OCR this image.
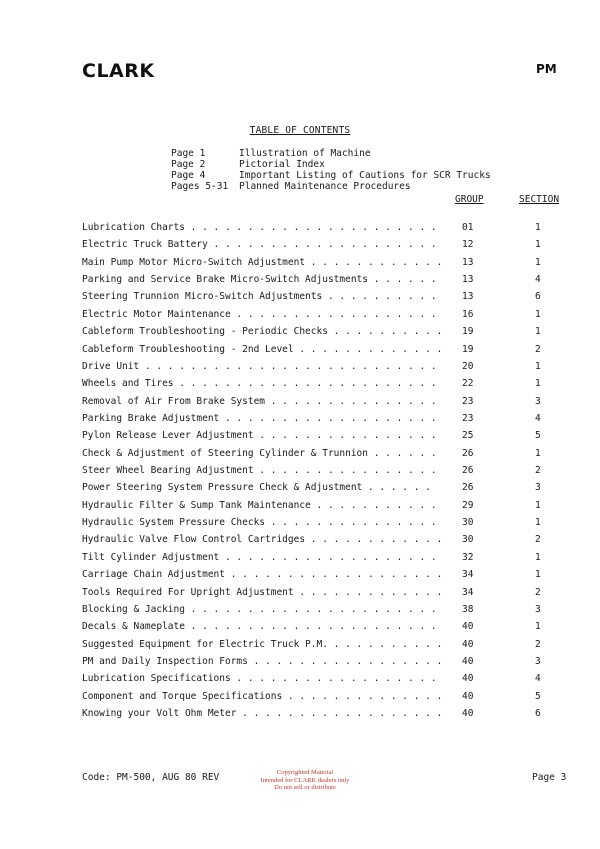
CLARK	PM
TABLE OF CONTENTS
Page 1	Illustration of Machine
Page 2	Pictorial Index
Page 4	Important Listing of Cautions for SCR Trucks
Pages 5-31 Planned Maintenance Procedures
GROUP	SECTION
Lubrication Charts . . . . . . . . . . . . . . . . . . . . . .	01	1
Electric Truck Battery . . . . . . . . . . . . . . . . . . . .	12	1
Main Pump Motor Micro-Switch Adjustment . . . . . . . . . . . . 13	1
Parking and Service Brake Micro-Switch Adjustments . . . . . .	13	4
Steering Trunnion Micro-Switch Adjustments . . . . . . . . . .	13	6
Electric Motor Maintenance . . . . . . . . . . . . . . . . . .	16	1
Cableform Troubleshooting - Periodic Checks . . . . . . . . . . 19	1
Cableform Troubleshooting - 2nd Level . . . . . . . . . . . . . 19	2
Drive Unit . . . . . . . . . . . . . . . . . . . . . . . . . .	20	1
Wheels and Tires . . . . . . . . . . . . . . . . . . . . . . .	22	1
Removal of Air From Brake System . . . . . . . . . . . . . . .	23	3
Parking Brake Adjustment . . . . . . . . . . . . . . . . . . .	23	4
Pylon Release Lever Adjustment . . . . . . . . . . . . . . . .	25	5
Check & Adjustment of Steering Cylinder & Trunnion . . . . . .	26	1
Steer Wheel Bearing Adjustment . . . . . . . . . . . . . . . .	26	2
Power Steering System Pressure Check & Adjustment . . . . . .	26	3
Hydraulic Filter & Sump Tank Maintenance . . . . . . . . . . .	29	1
Hydraulic System Pressure Checks . . . . . . . . . . . . . . .	30	1
Hydraulic Valve Flow Control Cartridges . . . . . . . . . . . . 30	2
Tilt Cylinder Adjustment . . . . . . . . . . . . . . . . . . .	32	1
Carriage Chain Adjustment . . . . . . . . . . . . . . . . . . . 34	1
Tools Required For Upright Adjustment . . . . . . . . . . . . . 34	2
Blocking & Jacking . . . . . . . . . . . . . . . . . . . . . .	38	3
Decals & Nameplate . . . . . . . . . . . . . . . . . . . . . .	40	1
Suggested Equipment for Electric Truck P.M. . . . . . . . . . . 40	2
PM and Daily Inspection Forms . . . . . . . . . . . . . . . . . 40	3
Lubrication Specifications . . . . . . . . . . . . . . . . . .	40	4
Component and Torque Specifications . . . . . . . . . . . . . . 40	5
Knowing your Volt Ohm Meter . . . . . . . . . . . . . . . . . . 40	6
Code: PM-500, AUG 80 REV	Copyrighted Material
Intended for CLARK dealers only
Do not sell or distribute
Page 3
